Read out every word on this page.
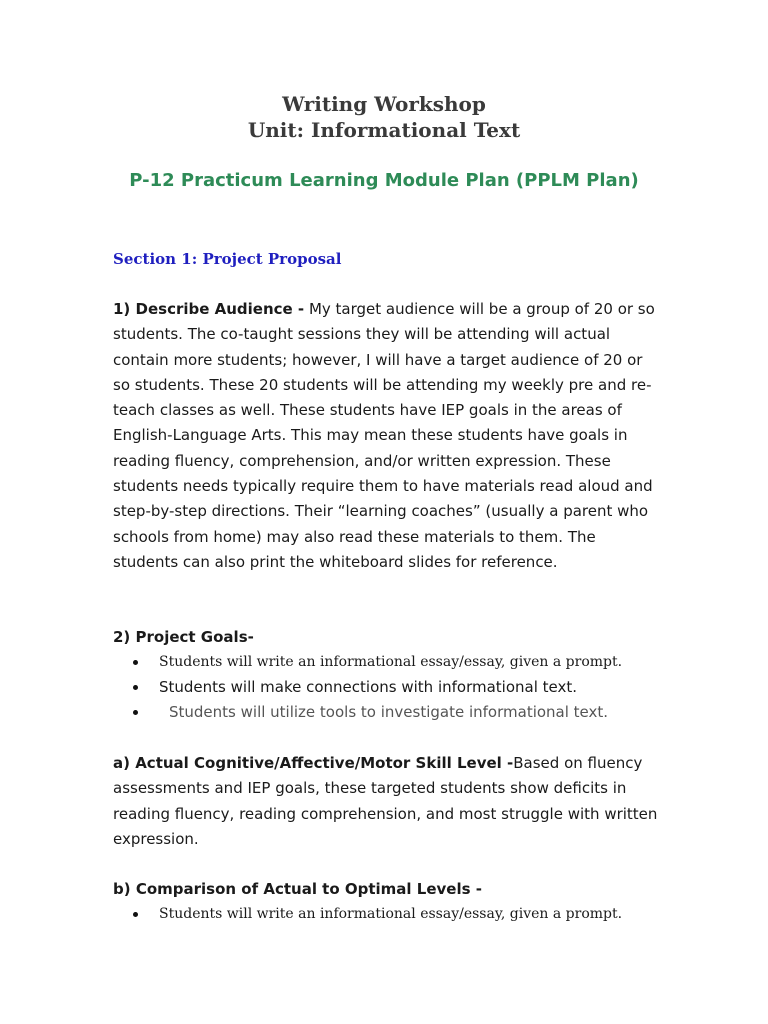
Writing Workshop
Unit: Informational Text
P-12 Practicum Learning Module Plan (PPLM Plan)
Section 1: Project Proposal

1) Describe Audience - My target audience will be a group of 20 or so students. The co-taught sessions they will be attending will actual contain more students; however, I will have a target audience of 20 or so students. These 20 students will be attending my weekly pre and re-teach classes as well. These students have IEP goals in the areas of English-Language Arts. This may mean these students have goals in reading fluency, comprehension, and/or written expression. These students needs typically require them to have materials read aloud and step-by-step directions. Their “learning coaches” (usually a parent who schools from home) may also read these materials to them. The students can also print the whiteboard slides for reference.

2) Project Goals-

Students will write an informational essay/essay, given a prompt.
Students will make connections with informational text.
Students will utilize tools to investigate informational text.

a) Actual Cognitive/Affective/Motor Skill Level -Based on fluency assessments and IEP goals, these targeted students show deficits in reading fluency, reading comprehension, and most struggle with written expression.

b) Comparison of Actual to Optimal Levels -

Students will write an informational essay/essay, given a prompt.
